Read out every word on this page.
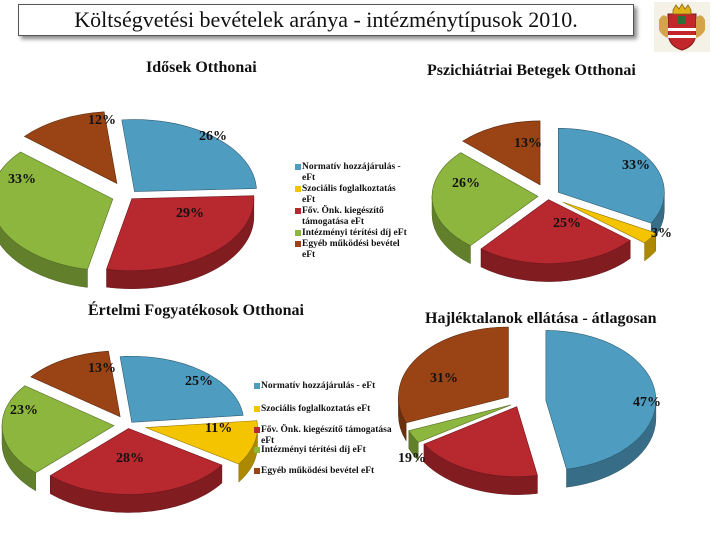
Költségvetési bevételek aránya - intézménytípusok 2010.
Idősek Otthonai	Pszichiátriai Betegek Otthonai
Értelmi Fogyatékosok Otthonai	Hajléktalanok ellátása - átlagosan
12%
26%
33%
29%
13%
33%
26%
25%
3%
13%
25%
23%
11%
28%
31%
47%
19%
Normatív hozzájárulás - eFt
Szociális foglalkoztatás eFt
Főv. Önk. kiegészítő támogatása eFt
Intézményi térítési díj eFt
Egyéb működési bevétel eFt
Normatív hozzájárulás - eFt
Szociális foglalkoztatás eFt
Főv. Önk. kiegészítő támogatása eFt
Intézményi térítési díj eFt
Egyéb működési bevétel eFt
